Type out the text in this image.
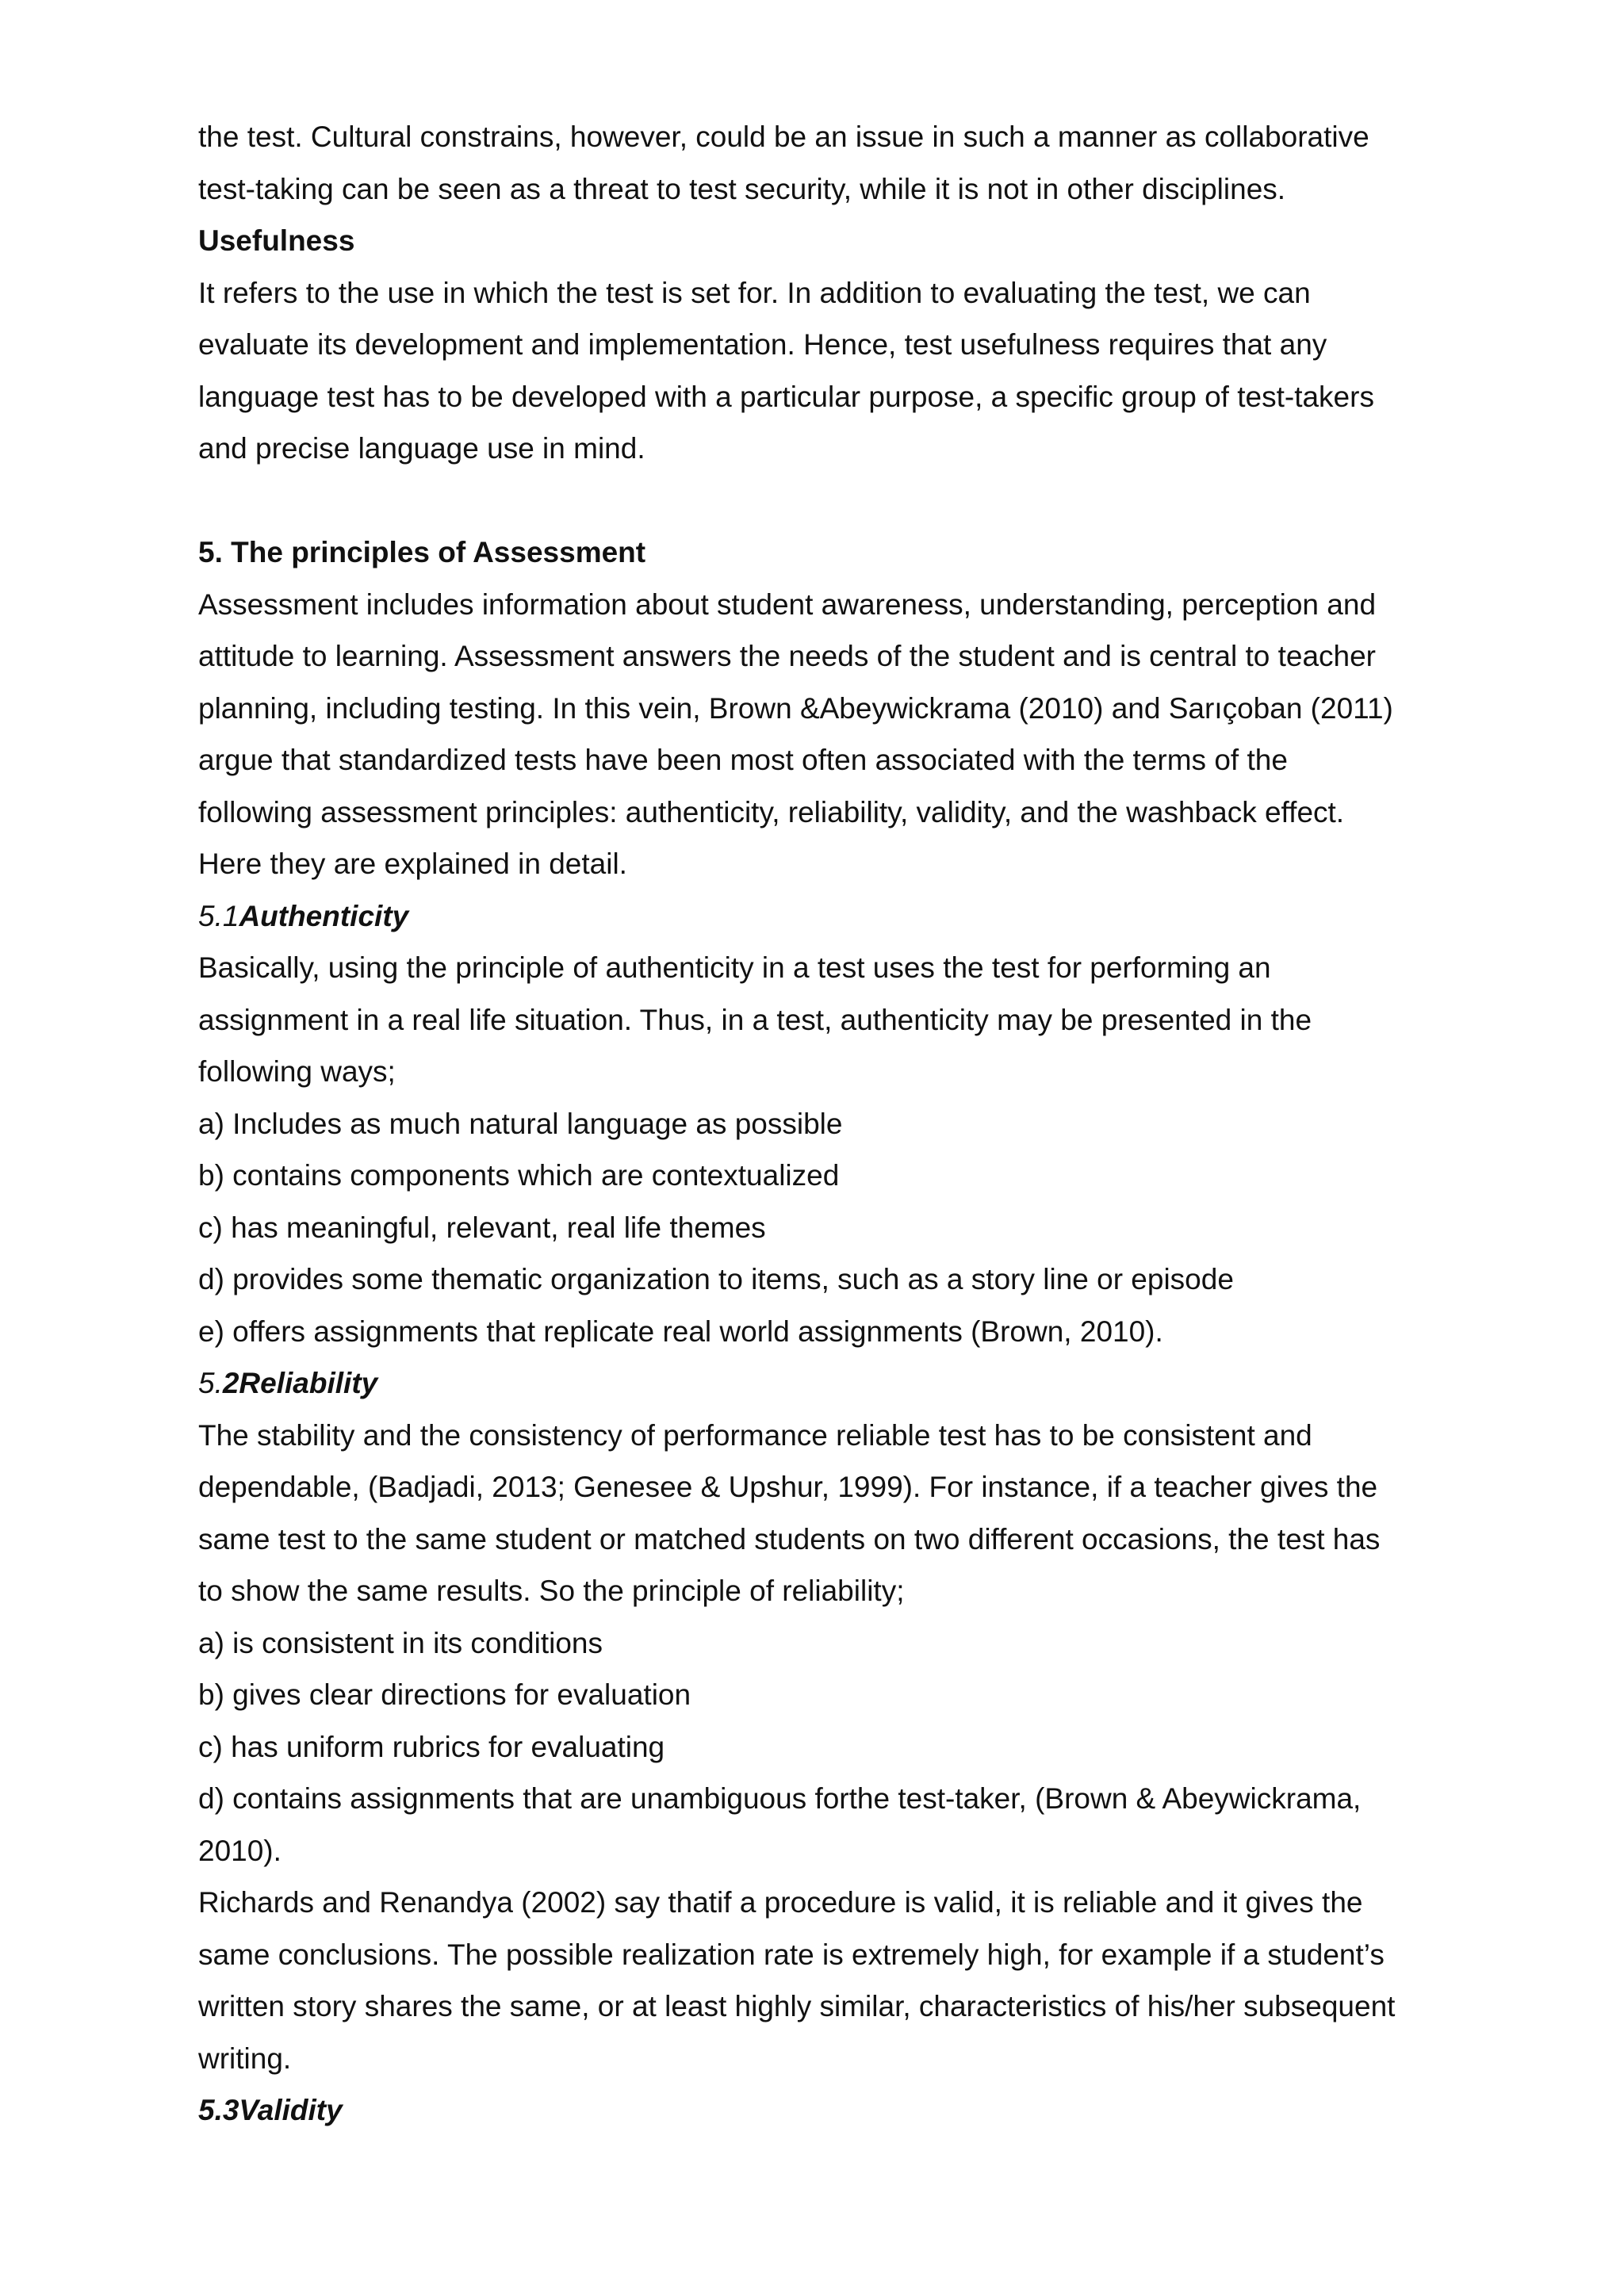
the test. Cultural constrains, however, could be an issue in such a manner as collaborative
test-taking can be seen as a threat to test security, while it is not in other disciplines.
Usefulness
It refers to the use in which the test is set for. In addition to evaluating the test, we can
evaluate its development and implementation. Hence, test usefulness requires that any
language test has to be developed with a particular purpose, a specific group of test-takers
and precise language use in mind.
5. The principles of Assessment
Assessment includes information about student awareness, understanding, perception and
attitude to learning. Assessment answers the needs of the student and is central to teacher
planning, including testing. In this vein, Brown &Abeywickrama (2010) and Sarıçoban (2011)
argue that standardized tests have been most often associated with the terms of the
following assessment principles: authenticity, reliability, validity, and the washback effect.
Here they are explained in detail.
5.1Authenticity
Basically, using the principle of authenticity in a test uses the test for performing an
assignment in a real life situation. Thus, in a test, authenticity may be presented in the
following ways;
a) Includes as much natural language as possible
b) contains components which are contextualized
c) has meaningful, relevant, real life themes
d) provides some thematic organization to items, such as a story line or episode
e) offers assignments that replicate real world assignments (Brown, 2010).
5.2Reliability
The stability and the consistency of performance reliable test has to be consistent and
dependable, (Badjadi, 2013; Genesee & Upshur, 1999). For instance, if a teacher gives the
same test to the same student or matched students on two different occasions, the test has
to show the same results. So the principle of reliability;
a) is consistent in its conditions
b) gives clear directions for evaluation
c) has uniform rubrics for evaluating
d) contains assignments that are unambiguous forthe test-taker, (Brown & Abeywickrama,
2010).
Richards and Renandya (2002) say thatif a procedure is valid, it is reliable and it gives the
same conclusions. The possible realization rate is extremely high, for example if a student’s
written story shares the same, or at least highly similar, characteristics of his/her subsequent
writing.
5.3Validity
